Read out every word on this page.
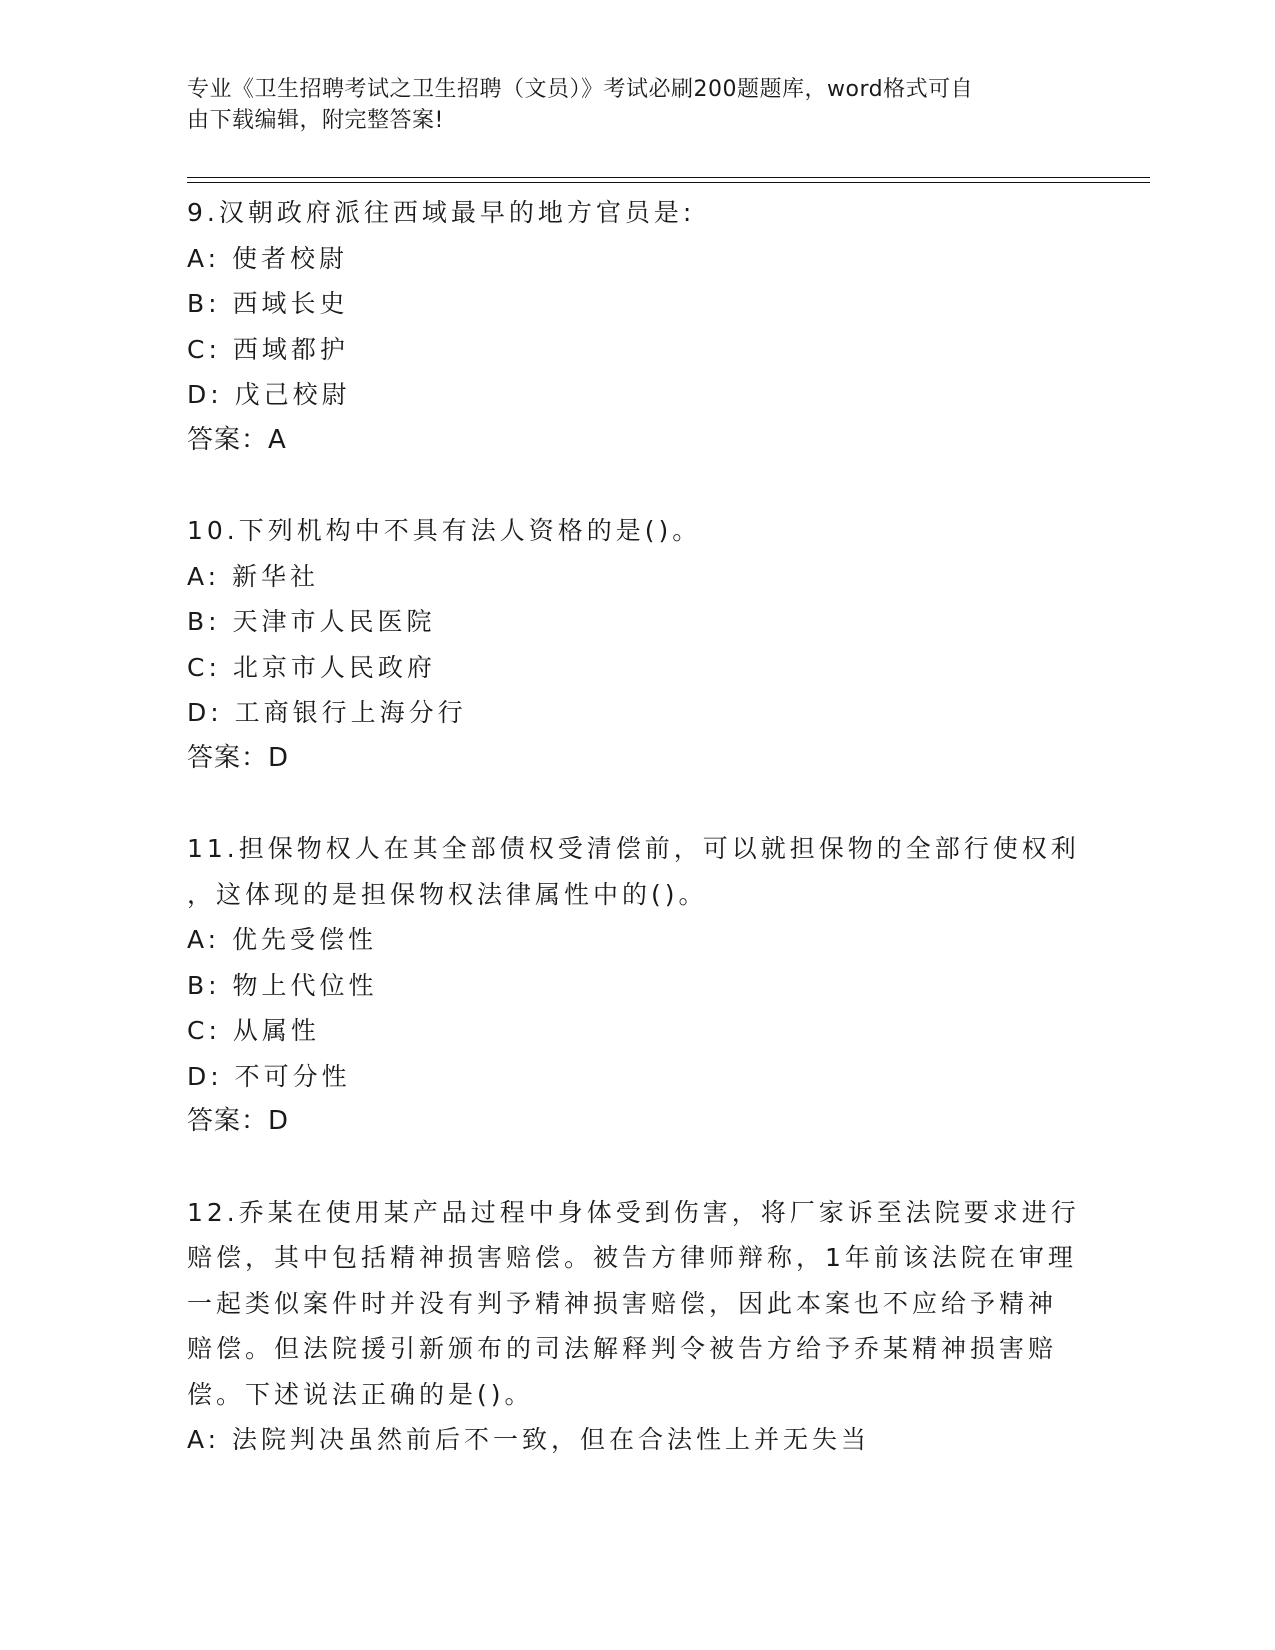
专业《卫生招聘考试之卫生招聘（文员）》考试必刷200题题库，word格式可自
由下载编辑，附完整答案!
9.汉朝政府派往西域最早的地方官员是:
A: 使者校尉
B: 西域长史
C: 西域都护
D: 戊己校尉
答案：A
10.下列机构中不具有法人资格的是()。
A: 新华社
B: 天津市人民医院
C: 北京市人民政府
D: 工商银行上海分行
答案：D
11.担保物权人在其全部债权受清偿前，可以就担保物的全部行使权利
，这体现的是担保物权法律属性中的()。
A: 优先受偿性
B: 物上代位性
C: 从属性
D: 不可分性
答案：D
12.乔某在使用某产品过程中身体受到伤害，将厂家诉至法院要求进行
赔偿，其中包括精神损害赔偿。被告方律师辩称，1年前该法院在审理
一起类似案件时并没有判予精神损害赔偿，因此本案也不应给予精神
赔偿。但法院援引新颁布的司法解释判令被告方给予乔某精神损害赔
偿。下述说法正确的是()。
A: 法院判决虽然前后不一致，但在合法性上并无失当
